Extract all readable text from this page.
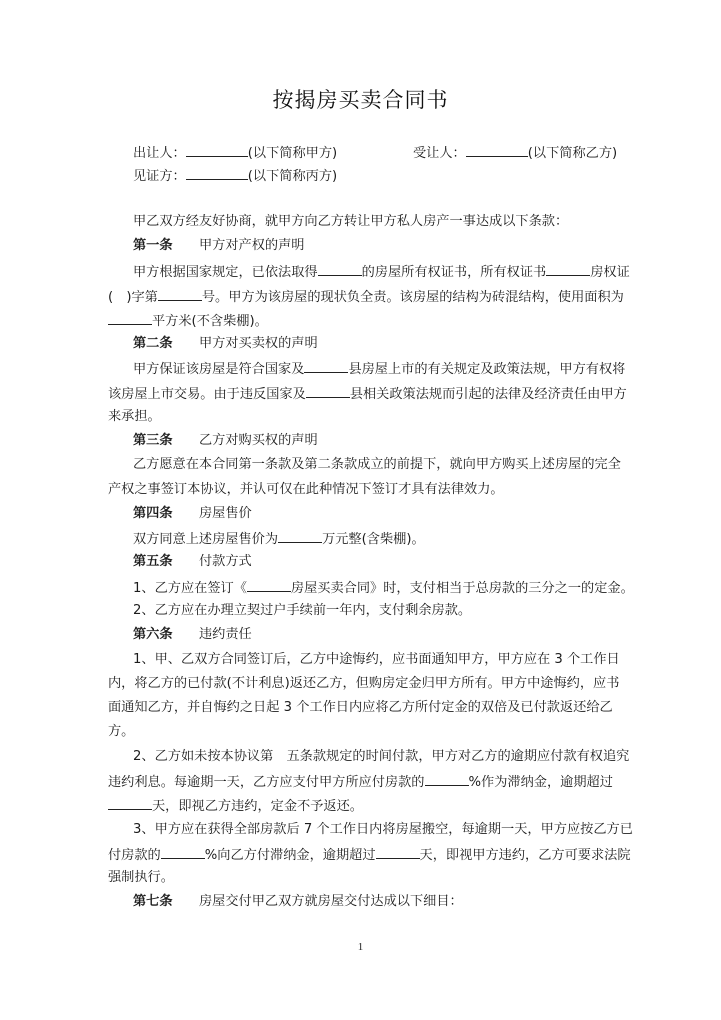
按揭房买卖合同书
出让人：	(以下简称甲方)	受让人：	(以下简称乙方)
见证方：	(以下简称丙方)
甲乙双方经友好协商，就甲方向乙方转让甲方私人房产一事达成以下条款：
第一条 甲方对产权的声明
甲方根据国家规定，已依法取得	的房屋所有权证书，所有权证书	房权证
(　)字第	号。甲方为该房屋的现状负全责。该房屋的结构为砖混结构，使用面积为
平方米(不含柴棚)。
第二条 甲方对买卖权的声明
甲方保证该房屋是符合国家及	县房屋上市的有关规定及政策法规，甲方有权将
该房屋上市交易。由于违反国家及	县相关政策法规而引起的法律及经济责任由甲方
来承担。
第三条 乙方对购买权的声明
乙方愿意在本合同第一条款及第二条款成立的前提下，就向甲方购买上述房屋的完全
产权之事签订本协议，并认可仅在此种情况下签订才具有法律效力。
第四条 房屋售价
双方同意上述房屋售价为	万元整(含柴棚)。
第五条 付款方式
1、乙方应在签订《	房屋买卖合同》时，支付相当于总房款的三分之一的定金。
2、乙方应在办理立契过户手续前一年内，支付剩余房款。
第六条 违约责任
1、甲、乙双方合同签订后，乙方中途悔约，应书面通知甲方，甲方应在 3 个工作日
内，将乙方的已付款(不计利息)返还乙方，但购房定金归甲方所有。甲方中途悔约，应书
面通知乙方，并自悔约之日起 3 个工作日内应将乙方所付定金的双倍及已付款返还给乙
方。
2、乙方如未按本协议第　五条款规定的时间付款，甲方对乙方的逾期应付款有权追究
违约利息。每逾期一天，乙方应支付甲方所应付房款的	%作为滞纳金，逾期超过
天，即视乙方违约，定金不予返还。
3、甲方应在获得全部房款后 7 个工作日内将房屋搬空，每逾期一天，甲方应按乙方已
付房款的	%向乙方付滞纳金，逾期超过	天，即视甲方违约，乙方可要求法院
强制执行。
第七条 房屋交付甲乙双方就房屋交付达成以下细目：
1
